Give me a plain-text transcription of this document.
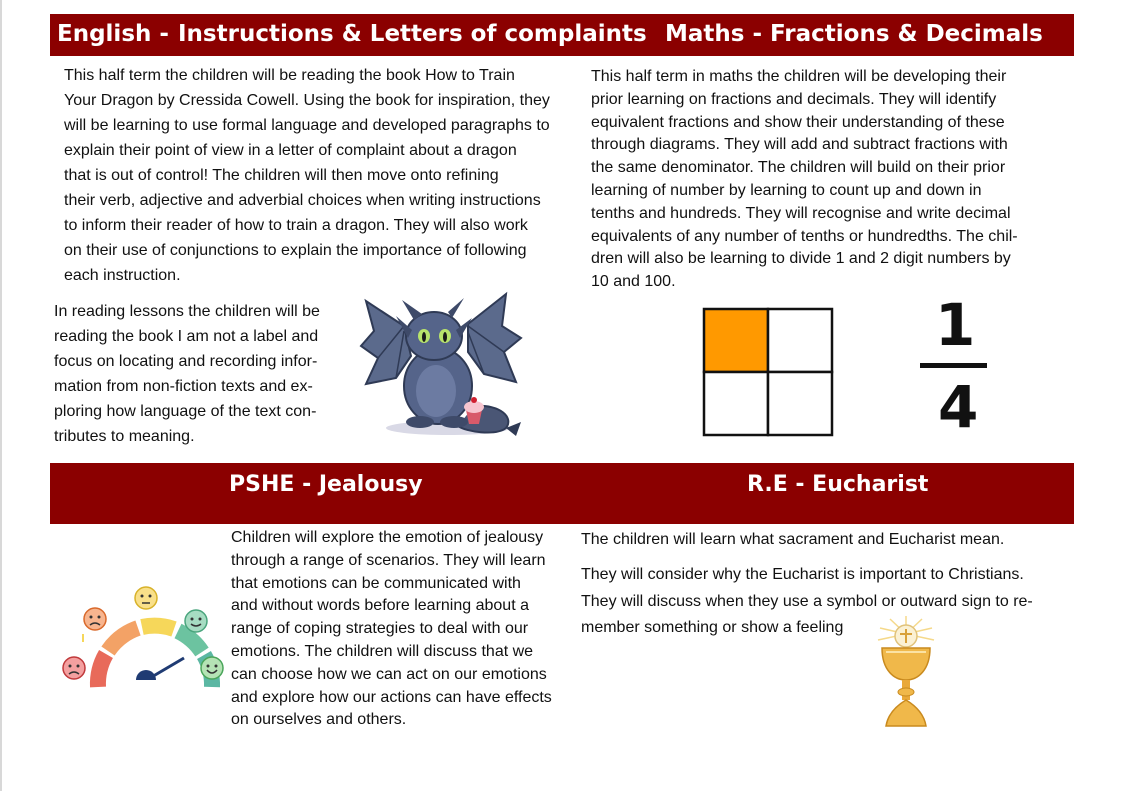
English - Instructions & Letters of complaints Maths - Fractions & Decimals
This half term the children will be reading the book How to Train
Your Dragon by Cressida Cowell. Using the book for inspiration, they
will be learning to use formal language and developed paragraphs to
explain their point of view in a letter of complaint about a dragon
that is out of control! The children will then move onto refining
their verb, adjective and adverbial choices when writing instructions
to inform their reader of how to train a dragon. They will also work
on their use of conjunctions to explain the importance of following
each instruction.
In reading lessons the children will be
reading the book I am not a label and
focus on locating and recording infor-
mation from non-fiction texts and ex-
ploring how language of the text con-
tributes to meaning.
This half term in maths the children will be developing their
prior learning on fractions and decimals. They will identify
equivalent fractions and show their understanding of these
through diagrams. They will add and subtract fractions with
the same denominator. The children will build on their prior
learning of number by learning to count up and down in
tenths and hundreds. They will recognise and write decimal
equivalents of any number of tenths or hundredths. The chil-
dren will also be learning to divide 1 and 2 digit numbers by
10 and 100.
1
4
PSHE - Jealousy	R.E - Eucharist
Children will explore the emotion of jealousy
through a range of scenarios. They will learn
that emotions can be communicated with
and without words before learning about a
range of coping strategies to deal with our
emotions. The children will discuss that we
can choose how we can act on our emotions
and explore how our actions can have effects
on ourselves and others.
The children will learn what sacrament and Eucharist mean.
They will consider why the Eucharist is important to Christians.
They will discuss when they use a symbol or outward sign to re-
member something or show a feeling
